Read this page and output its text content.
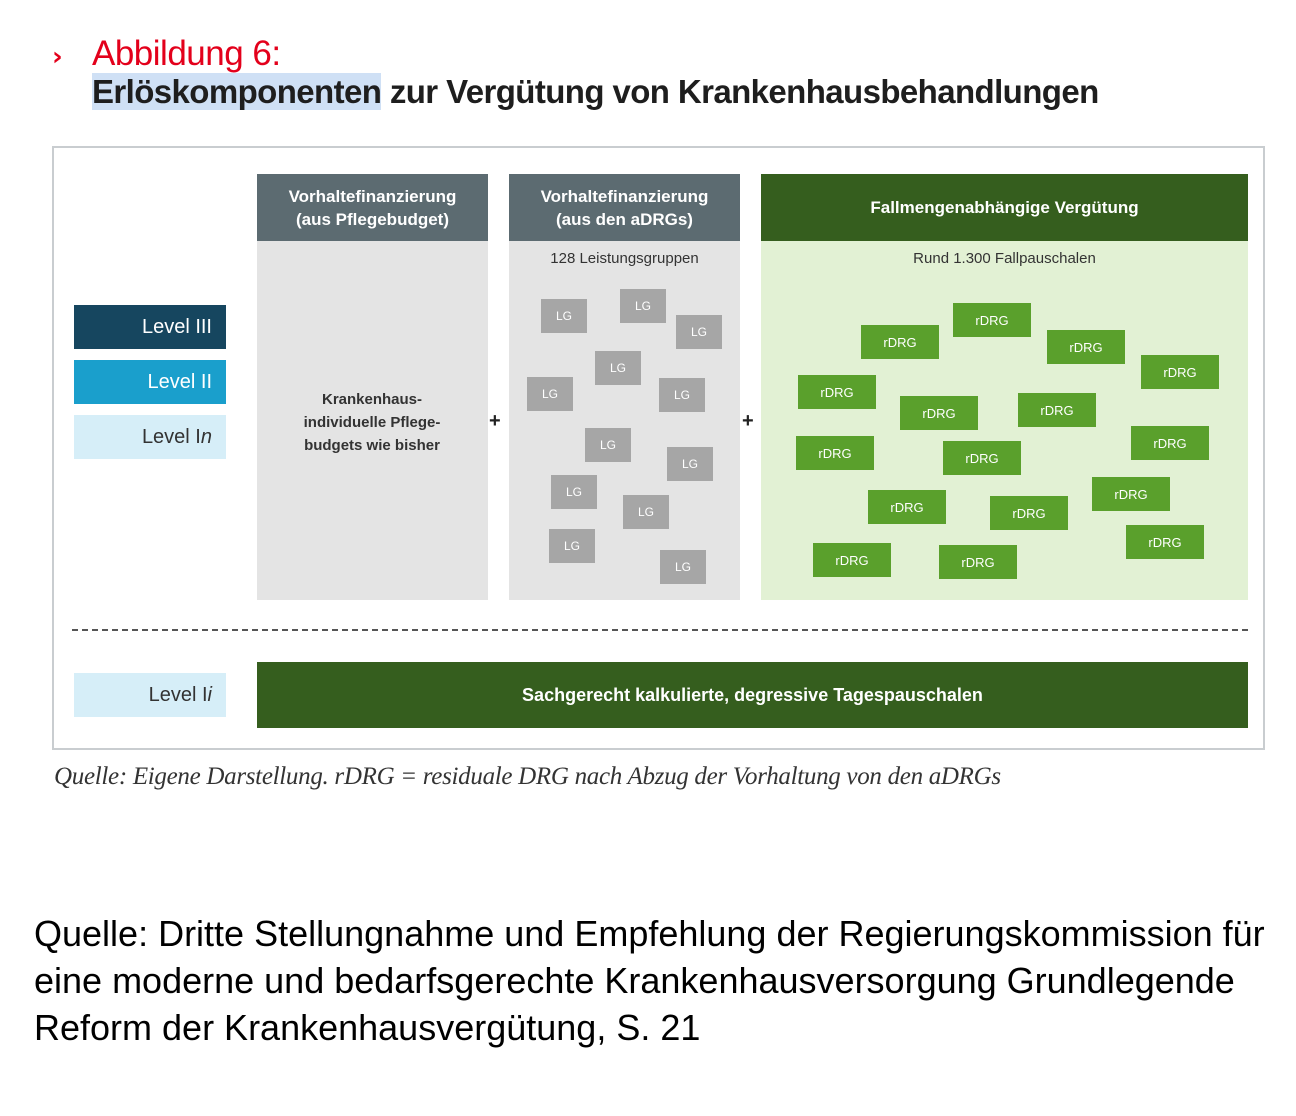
› Abbildung 6:
Erlöskomponenten zur Vergütung von Krankenhausbehandlungen
Level III
Level II
Level I n
Level I i
Vorhaltefinanzierung
(aus Pflegebudget)
Krankenhaus-
individuelle Pflege-
budgets wie bisher
+
Vorhaltefinanzierung
(aus den aDRGs)
128 Leistungsgruppen
LG
LG
LG
LG
LG	LG
LG
LG
LG
LG
LG
LG
+
Fallmengenabhängige Vergütung
Rund 1.300 Fallpauschalen
rDRG
rDRG	rDRG
rDRG
rDRG
rDRG	rDRG
rDRG
rDRG	rDRG
rDRG
rDRG	rDRG
rDRG
rDRG	rDRG
Sachgerecht kalkulierte, degressive Tagespauschalen
Quelle: Eigene Darstellung. rDRG = residuale DRG nach Abzug der Vorhaltung von den aDRGs
Quelle: Dritte Stellungnahme und Empfehlung der Regierungskommission für eine moderne und bedarfsgerechte Krankenhausversorgung Grundlegende Reform der Krankenhausvergütung, S. 21
